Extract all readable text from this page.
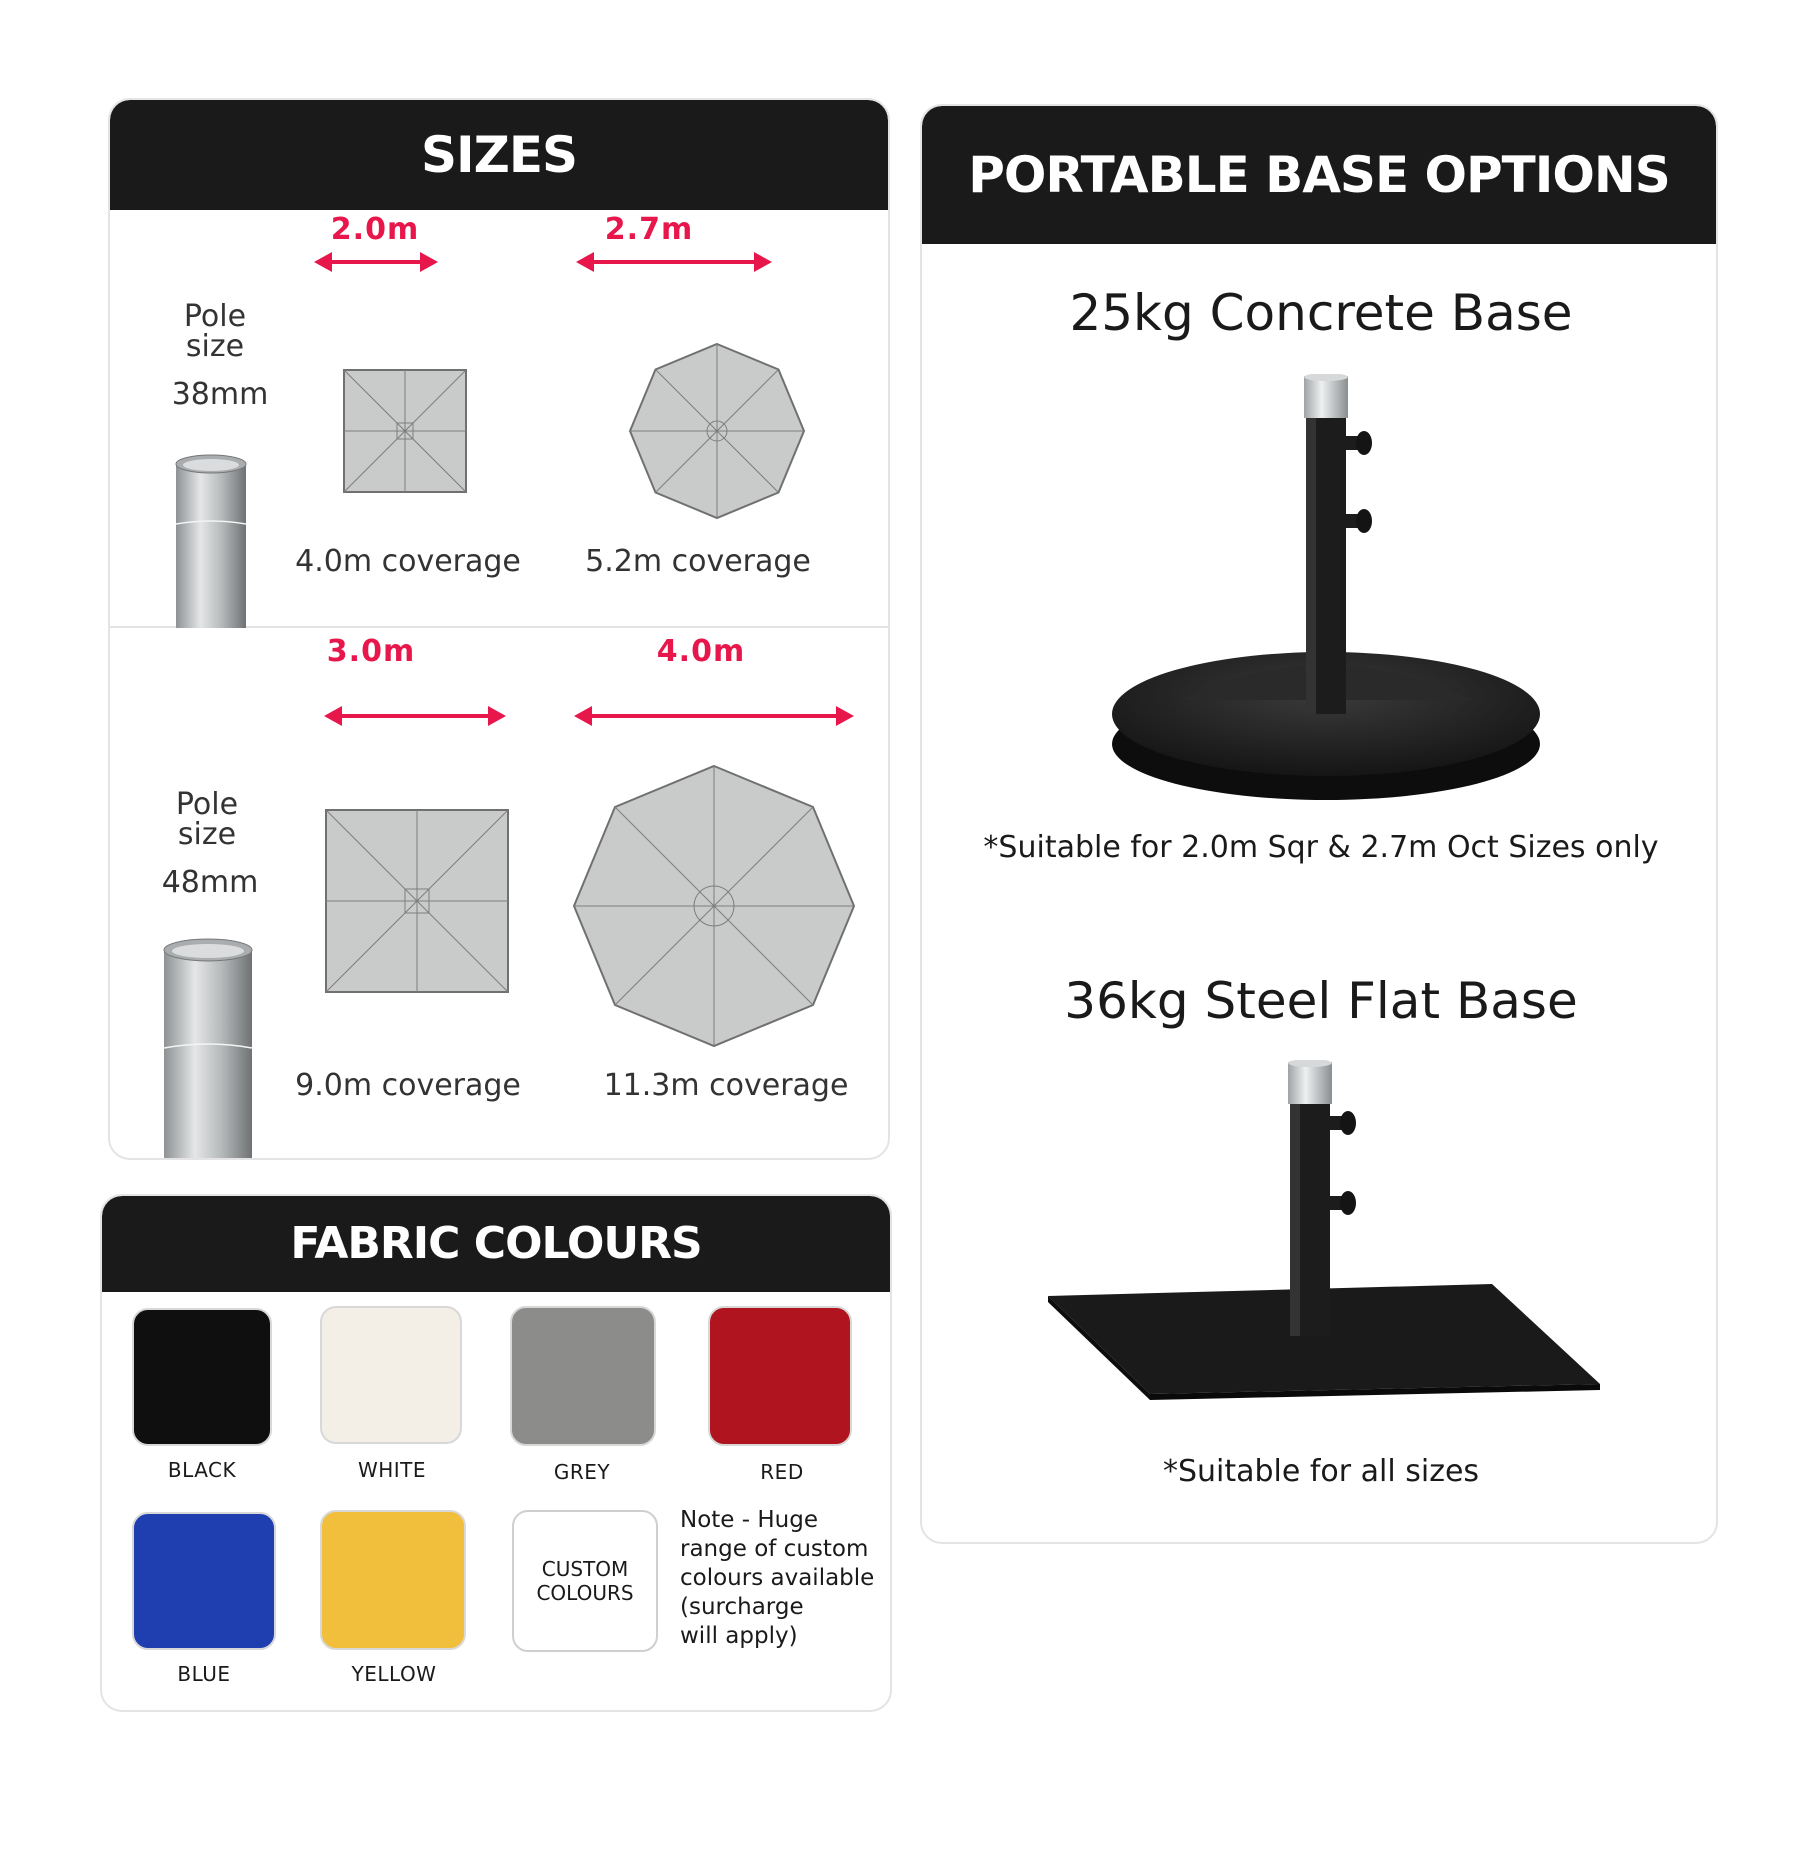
SIZES
Pole
size
38mm
2.0m
4.0m coverage
2.7m
5.2m coverage
Pole
size
48mm
3.0m
9.0m coverage
4.0m
11.3m coverage
FABRIC COLOURS
BLACK	WHITE	GREY	RED
BLUE	YELLOW
CUSTOM
COLOURS
Note - Huge
range of custom
colours available
(surcharge
will apply)
PORTABLE BASE OPTIONS
25kg Concrete Base
*Suitable for 2.0m Sqr & 2.7m Oct Sizes only
36kg Steel Flat Base
*Suitable for all sizes
